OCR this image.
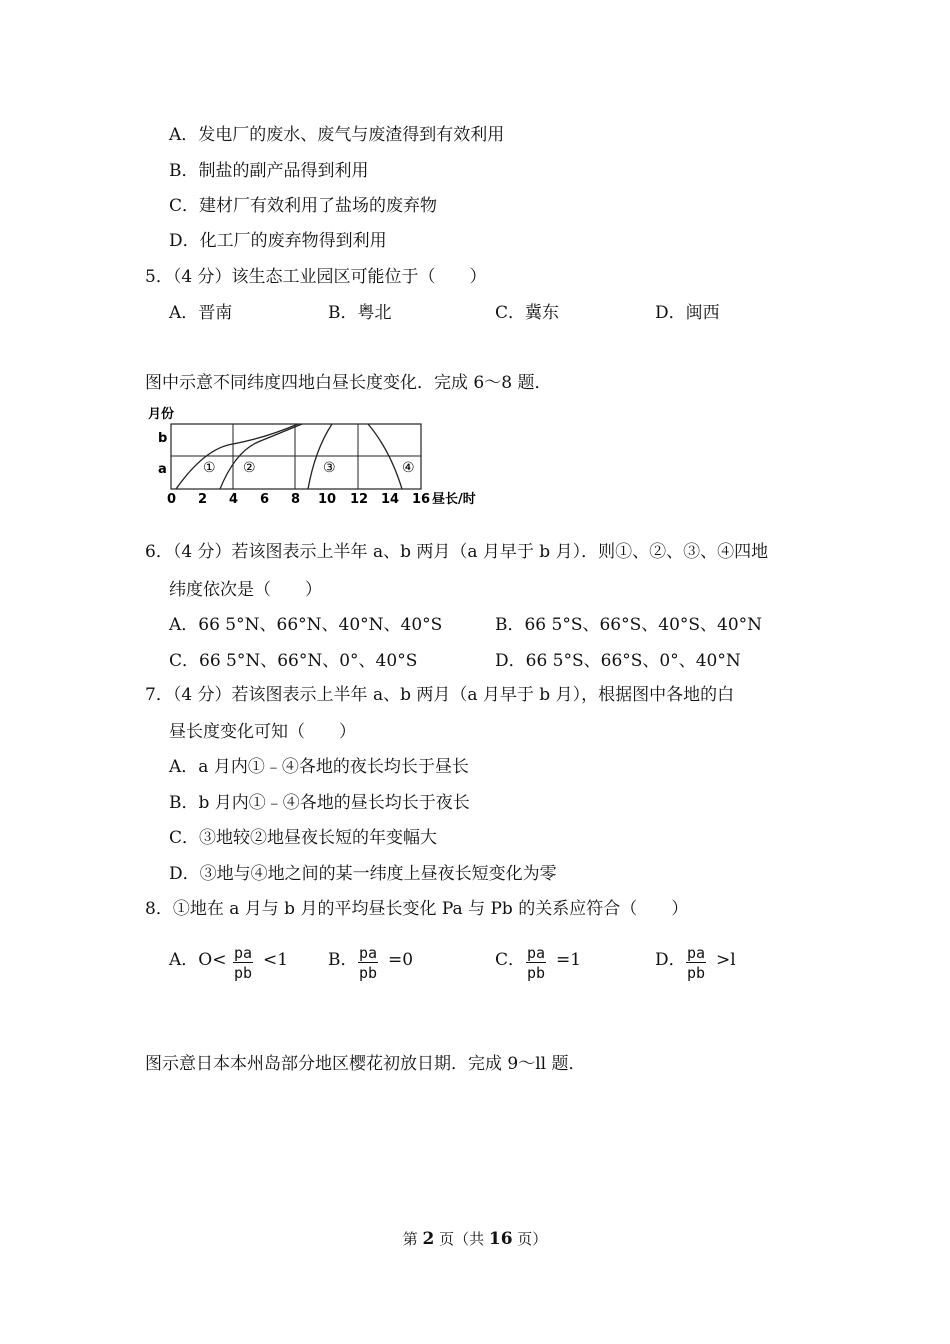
A．发电厂的废水、废气与废渣得到有效利用
B．制盐的副产品得到利用
C．建材厂有效利用了盐场的废弃物
D．化工厂的废弃物得到利用
5．（4 分）该生态工业园区可能位于（　　）
A．晋南	B．粤北	C．冀东	D．闽西
图中示意不同纬度四地白昼长度变化．完成 6～8 题．
月份
b
a	① ②	③	④
0 2 4 6 8 10 12 14 16 昼长/时
6．（4 分）若该图表示上半年 a、b 两月（a 月早于 b 月）．则①、②、③、④四地
纬度依次是（　　）
A．66 5°N、66°N、40°N、40°S	B．66 5°S、66°S、40°S、40°N
C．66 5°N、66°N、0°、40°S	D．66 5°S、66°S、0°、40°N
7．（4 分）若该图表示上半年 a、b 两月（a 月早于 b 月），根据图中各地的白
昼长度变化可知（　　）
A．a 月内①﹣④各地的夜长均长于昼长
B．b 月内①﹣④各地的昼长均长于夜长
C．③地较②地昼夜长短的年变幅大
D．③地与④地之间的某一纬度上昼夜长短变化为零
8．①地在 a 月与 b 月的平均昼长变化 Pa 与 Pb 的关系应符合（　　）
A．$O< \frac{pa}{pb} <1$ B． $\frac{pa}{pb} =0$	C． $\frac{pa}{pb} =1$	D． $\frac{pa}{pb} >l$
图示意日本本州岛部分地区樱花初放日期．完成 9～ll 题．
第 2 页（共 16 页）
